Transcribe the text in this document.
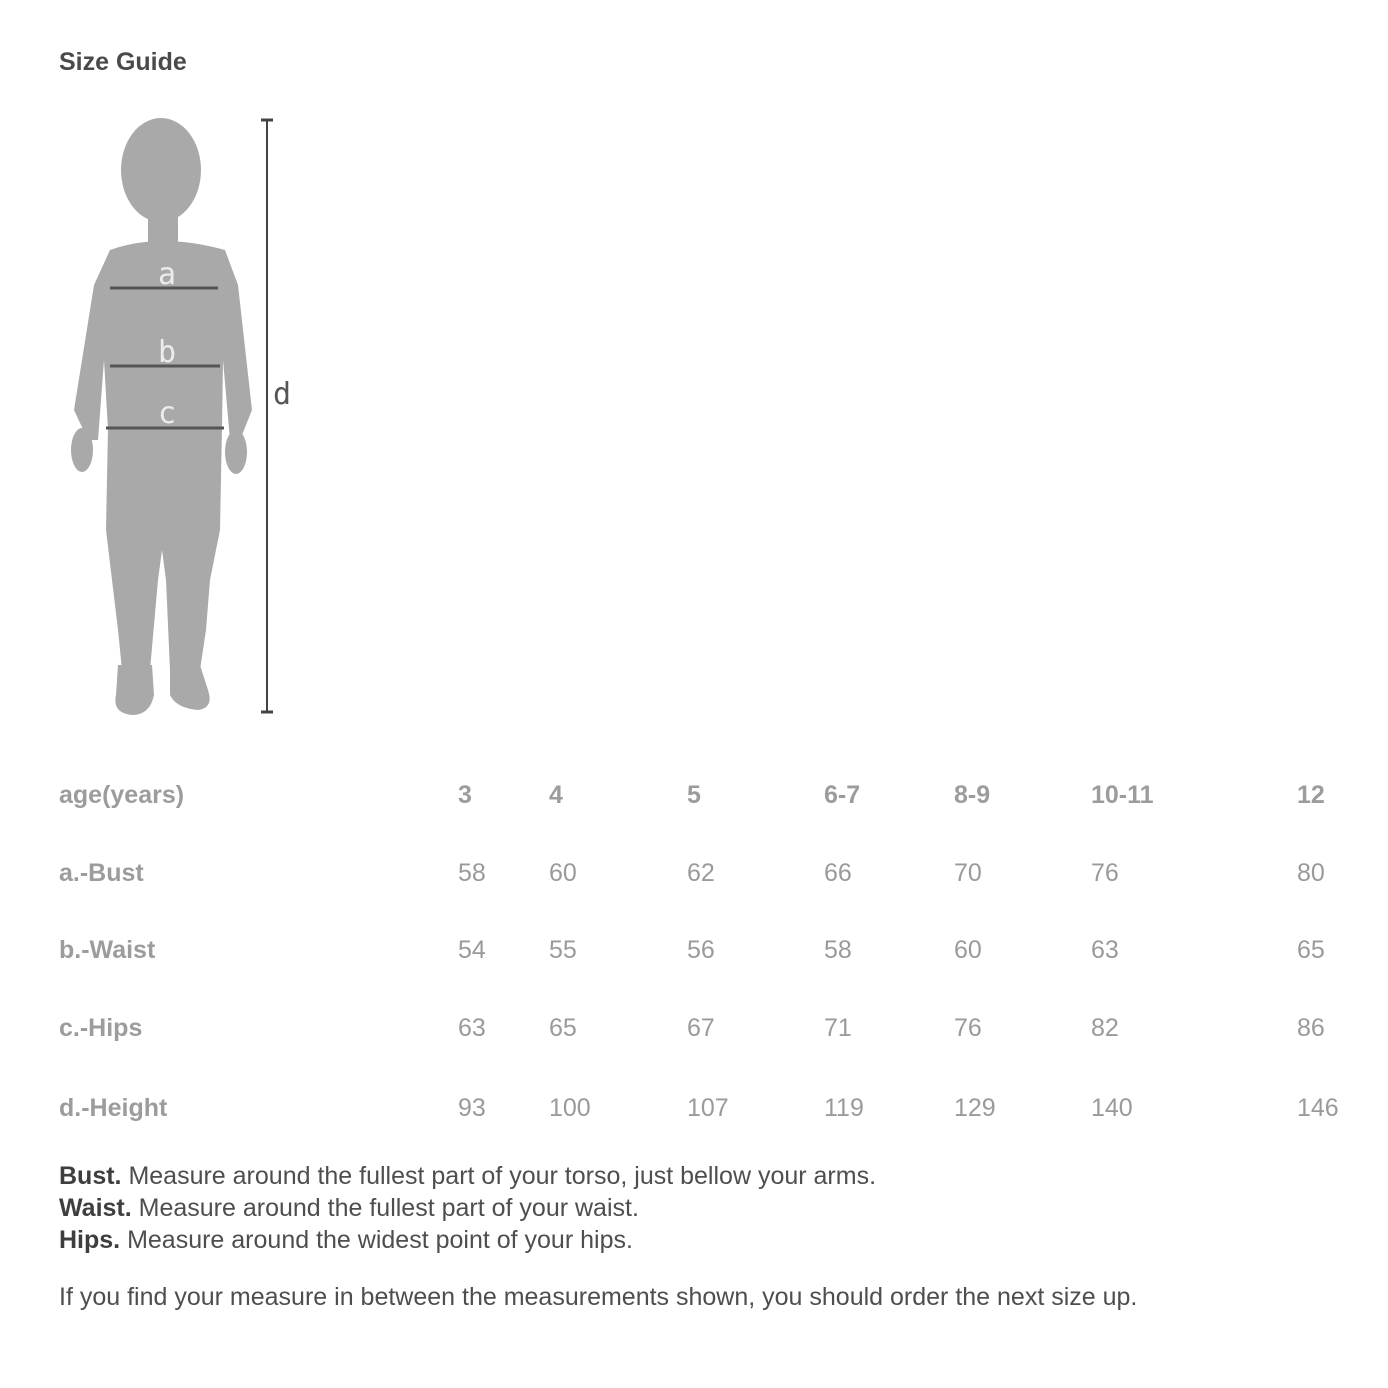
Size Guide
a
b
c
d
age(years)	3	4	5	6-7	8-9	10-11	12
a.-Bust	58	60	62	66	70	76	80
b.-Waist	54	55	56	58	60	63	65
c.-Hips	63	65	67	71	76	82	86
d.-Height	93	100	107	119	129	140	146
Bust. Measure around the fullest part of your torso, just bellow your arms.
Waist. Measure around the fullest part of your waist.
Hips. Measure around the widest point of your hips.
If you find your measure in between the measurements shown, you should order the next size up.
